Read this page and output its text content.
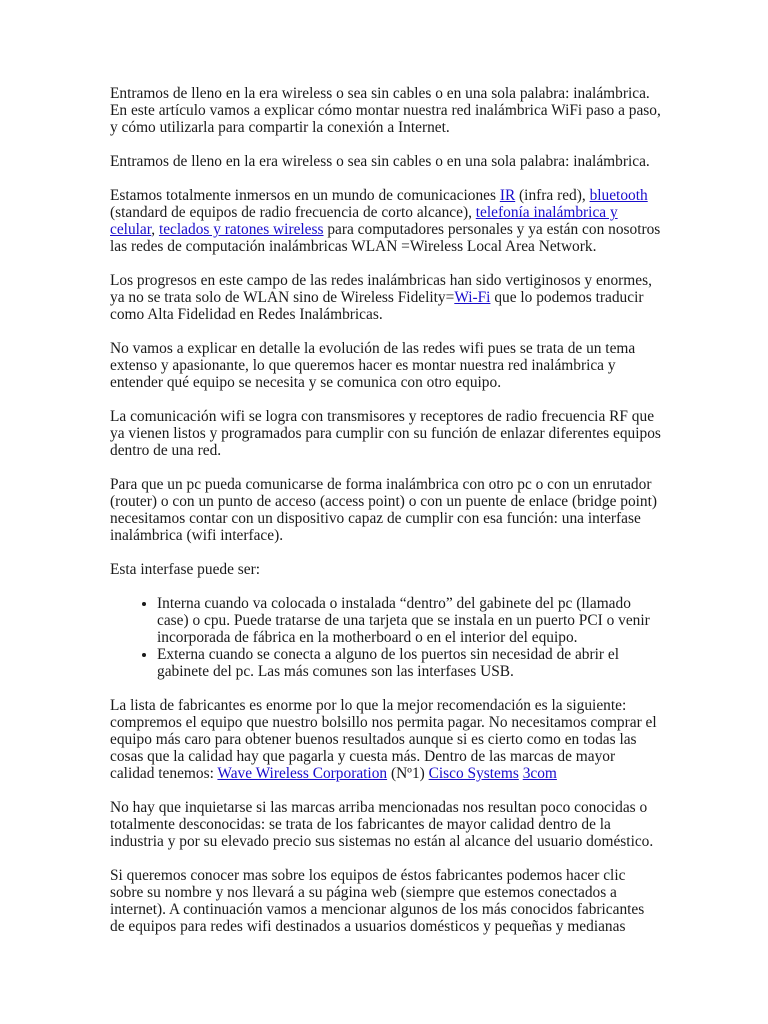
Entramos de lleno en la era wireless o sea sin cables o en una sola palabra: inalámbrica. En este artículo vamos a explicar cómo montar nuestra red inalámbrica WiFi paso a paso, y cómo utilizarla para compartir la conexión a Internet.

Entramos de lleno en la era wireless o sea sin cables o en una sola palabra: inalámbrica.

Estamos totalmente inmersos en un mundo de comunicaciones IR (infra red), bluetooth (standard de equipos de radio frecuencia de corto alcance), telefonía inalámbrica y celular, teclados y ratones wireless para computadores personales y ya están con nosotros las redes de computación inalámbricas WLAN =Wireless Local Area Network.

Los progresos en este campo de las redes inalámbricas han sido vertiginosos y enormes, ya no se trata solo de WLAN sino de Wireless Fidelity=Wi-Fi que lo podemos traducir como Alta Fidelidad en Redes Inalámbricas.

No vamos a explicar en detalle la evolución de las redes wifi pues se trata de un tema extenso y apasionante, lo que queremos hacer es montar nuestra red inalámbrica y entender qué equipo se necesita y se comunica con otro equipo.

La comunicación wifi se logra con transmisores y receptores de radio frecuencia RF que ya vienen listos y programados para cumplir con su función de enlazar diferentes equipos dentro de una red.

Para que un pc pueda comunicarse de forma inalámbrica con otro pc o con un enrutador (router) o con un punto de acceso (access point) o con un puente de enlace (bridge point) necesitamos contar con un dispositivo capaz de cumplir con esa función: una interfase inalámbrica (wifi interface).

Esta interfase puede ser:

• Interna cuando va colocada o instalada “dentro” del gabinete del pc (llamado case) o cpu. Puede tratarse de una tarjeta que se instala en un puerto PCI o venir incorporada de fábrica en la motherboard o en el interior del equipo.
• Externa cuando se conecta a alguno de los puertos sin necesidad de abrir el gabinete del pc. Las más comunes son las interfases USB.

La lista de fabricantes es enorme por lo que la mejor recomendación es la siguiente: compremos el equipo que nuestro bolsillo nos permita pagar. No necesitamos comprar el equipo más caro para obtener buenos resultados aunque si es cierto como en todas las cosas que la calidad hay que pagarla y cuesta más. Dentro de las marcas de mayor calidad tenemos: Wave Wireless Corporation (Nº1) Cisco Systems 3com

No hay que inquietarse si las marcas arriba mencionadas nos resultan poco conocidas o totalmente desconocidas: se trata de los fabricantes de mayor calidad dentro de la industria y por su elevado precio sus sistemas no están al alcance del usuario doméstico.

Si queremos conocer mas sobre los equipos de éstos fabricantes podemos hacer clic sobre su nombre y nos llevará a su página web (siempre que estemos conectados a internet). A continuación vamos a mencionar algunos de los más conocidos fabricantes de equipos para redes wifi destinados a usuarios domésticos y pequeñas y medianas
